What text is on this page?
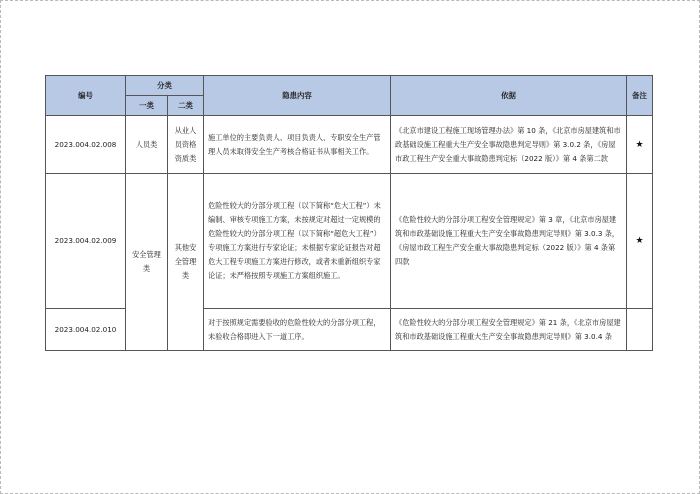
编号	分类		隐患内容	依据	备注
	一类	二类			
2023.004.02.008	人员类	从业人员资格资质类	施工单位的主要负责人、项目负责人、专职安全生产管理人员未取得安全生产考核合格证书从事相关工作。	《北京市建设工程施工现场管理办法》第 10 条，《北京市房屋建筑和市政基础设施工程重大生产安全事故隐患判定导则》第 3.0.2 条，《房屋市政工程生产安全重大事故隐患判定标（2022 版）》第 4 条第二款	★
2023.004.02.009	安全管理类	其他安全管理类	危险性较大的分部分项工程（以下简称“危大工程”）未编制、审核专项施工方案，未按规定对超过一定规模的危险性较大的分部分项工程（以下简称“超危大工程”）专项施工方案进行专家论证；未根据专家论证报告对超危大工程专项施工方案进行修改，或者未重新组织专家论证；未严格按照专项施工方案组织施工。	《危险性较大的分部分项工程安全管理规定》第 3 章，《北京市房屋建筑和市政基础设施工程重大生产安全事故隐患判定导则》第 3.0.3 条，《房屋市政工程生产安全重大事故隐患判定标（2022 版）》第 4 条第四款	★
2023.004.02.010			对于按照规定需要验收的危险性较大的分部分项工程，未验收合格即进入下一道工序。	《危险性较大的分部分项工程安全管理规定》第 21 条，《北京市房屋建筑和市政基础设施工程重大生产安全事故隐患判定导则》第 3.0.4 条	
